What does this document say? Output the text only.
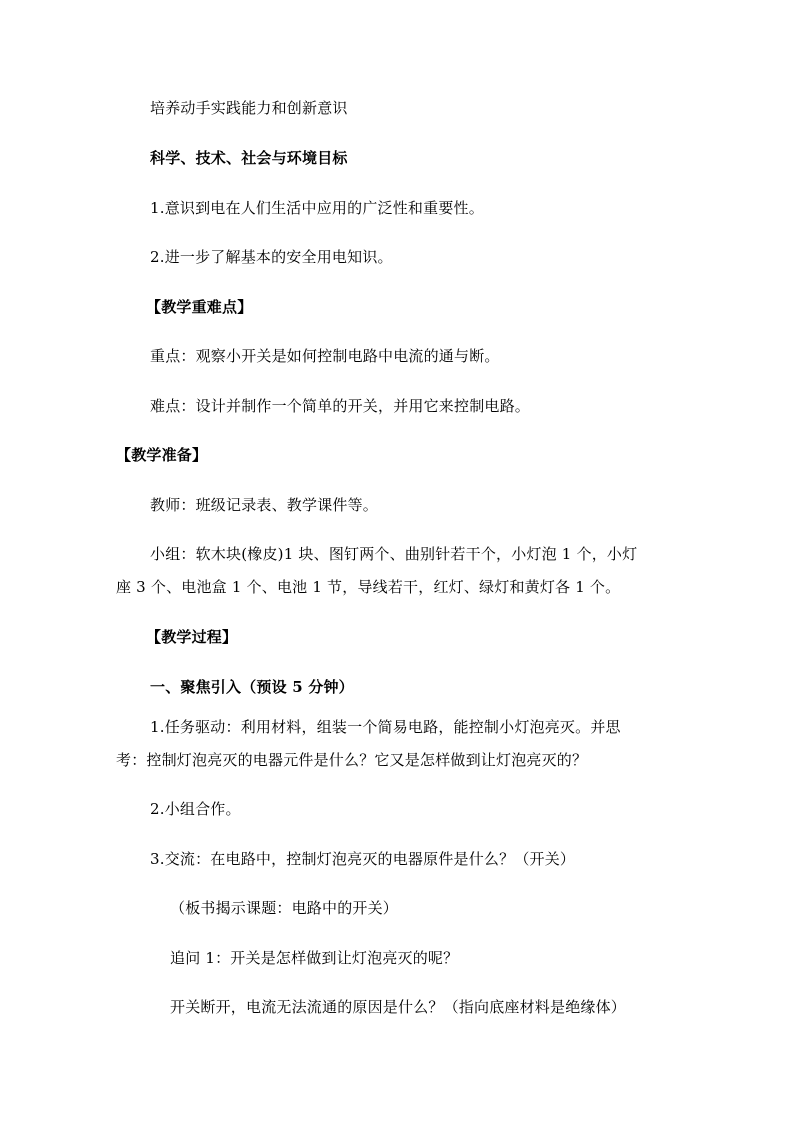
培养动手实践能力和创新意识
科学、技术、社会与环境目标
1.意识到电在人们生活中应用的广泛性和重要性。
2.进一步了解基本的安全用电知识。
【教学重难点】
重点：观察小开关是如何控制电路中电流的通与断。
难点：设计并制作一个简单的开关，并用它来控制电路。
【教学准备】
教师：班级记录表、教学课件等。
小组：软木块(橡皮)1 块、图钉两个、曲别针若干个，小灯泡 1 个，小灯
座 3 个、电池盒 1 个、电池 1 节，导线若干，红灯、绿灯和黄灯各 1 个。
【教学过程】
一、聚焦引入（预设 5 分钟）
1.任务驱动：利用材料，组装一个简易电路，能控制小灯泡亮灭。并思
考：控制灯泡亮灭的电器元件是什么？它又是怎样做到让灯泡亮灭的？
2.小组合作。
3.交流：在电路中，控制灯泡亮灭的电器原件是什么？（开关）
（板书揭示课题：电路中的开关）
追问 1：开关是怎样做到让灯泡亮灭的呢？
开关断开，电流无法流通的原因是什么？（指向底座材料是绝缘体）
